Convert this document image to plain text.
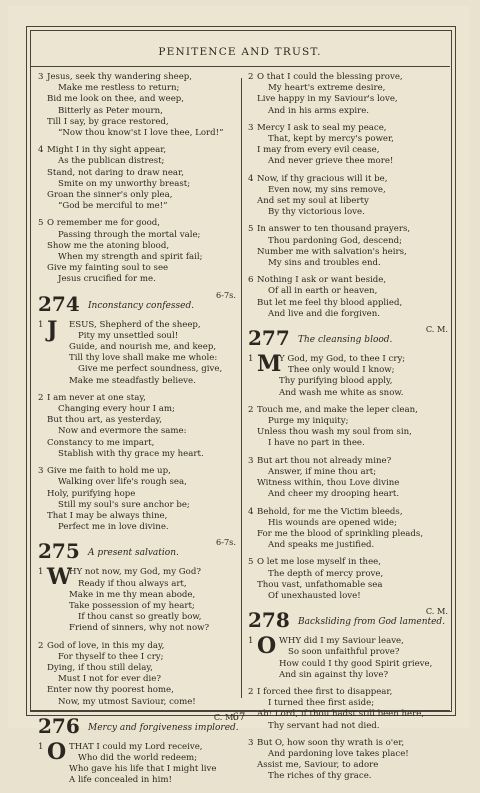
PENITENCE AND TRUST.
3 Jesus, seek thy wandering sheep,
Make me restless to return;
Bid me look on thee, and weep,
Bitterly as Peter mourn,
Till I say, by grace restored,
“Now thou know'st I love thee, Lord!”
4 Might I in thy sight appear,
As the publican distrest;
Stand, not daring to draw near,
Smite on my unworthy breast;
Groan the sinner's only plea,
“God be merciful to me!”
5 O remember me for good,
Passing through the mortal vale;
Show me the atoning blood,
When my strength and spirit fail;
Give my fainting soul to see
Jesus crucified for me.
274 Inconstancy confessed.
6-7s.
1 J ESUS, Shepherd of the sheep,
Pity my unsettled soul!
Guide, and nourish me, and keep,
Till thy love shall make me whole:
Give me perfect soundness, give,
Make me steadfastly believe.
2 I am never at one stay,
Changing every hour I am;
But thou art, as yesterday,
Now and evermore the same:
Constancy to me impart,
Stablish with thy grace my heart.
3 Give me faith to hold me up,
Walking over life's rough sea,
Holy, purifying hope
Still my soul's sure anchor be;
That I may be always thine,
Perfect me in love divine.
275 A present salvation.
6-7s.
1 W
HY not now, my God, my God?
Ready if thou always art,
Make in me thy mean abode,
Take possession of my heart;
If thou canst so greatly bow,
Friend of sinners, why not now?
2 God of love, in this my day,
For thyself to thee I cry;
Dying, if thou still delay,
Must I not for ever die?
Enter now thy poorest home,
Now, my utmost Saviour, come!
276 Mercy and forgiveness implored.
C. M.
1 O THAT I could my Lord receive,
Who did the world redeem;
Who gave his life that I might live
A life concealed in him!
2 O that I could the blessing prove,
My heart's extreme desire,
Live happy in my Saviour's love,
And in his arms expire.
3 Mercy I ask to seal my peace,
That, kept by mercy's power,
I may from every evil cease,
And never grieve thee more!
4 Now, if thy gracious will it be,
Even now, my sins remove,
And set my soul at liberty
By thy victorious love.
5 In answer to ten thousand prayers,
Thou pardoning God, descend;
Number me with salvation's heirs,
My sins and troubles end.
6 Nothing I ask or want beside,
Of all in earth or heaven,
But let me feel thy blood applied,
And live and die forgiven.
277 The cleansing blood.
C. M.
1 M
Y God, my God, to thee I cry;
Thee only would I know;
Thy purifying blood apply,
And wash me white as snow.
2 Touch me, and make the leper clean,
Purge my iniquity;
Unless thou wash my soul from sin,
I have no part in thee.
3 But art thou not already mine?
Answer, if mine thou art;
Witness within, thou Love divine
And cheer my drooping heart.
4 Behold, for me the Victim bleeds,
His wounds are opened wide;
For me the blood of sprinkling pleads,
And speaks me justified.
5 O let me lose myself in thee,
The depth of mercy prove,
Thou vast, unfathomable sea
Of unexhausted love!
278 Backsliding from God lamented.
C. M.
1 O WHY did I my Saviour leave,
So soon unfaithful prove?
How could I thy good Spirit grieve,
And sin against thy love?
2 I forced thee first to disappear,
I turned thee first aside;
Ah! Lord, if thou hadst still been here,
Thy servant had not died.
3 But O, how soon thy wrath is o'er,
And pardoning love takes place!
Assist me, Saviour, to adore
The riches of thy grace.
67
